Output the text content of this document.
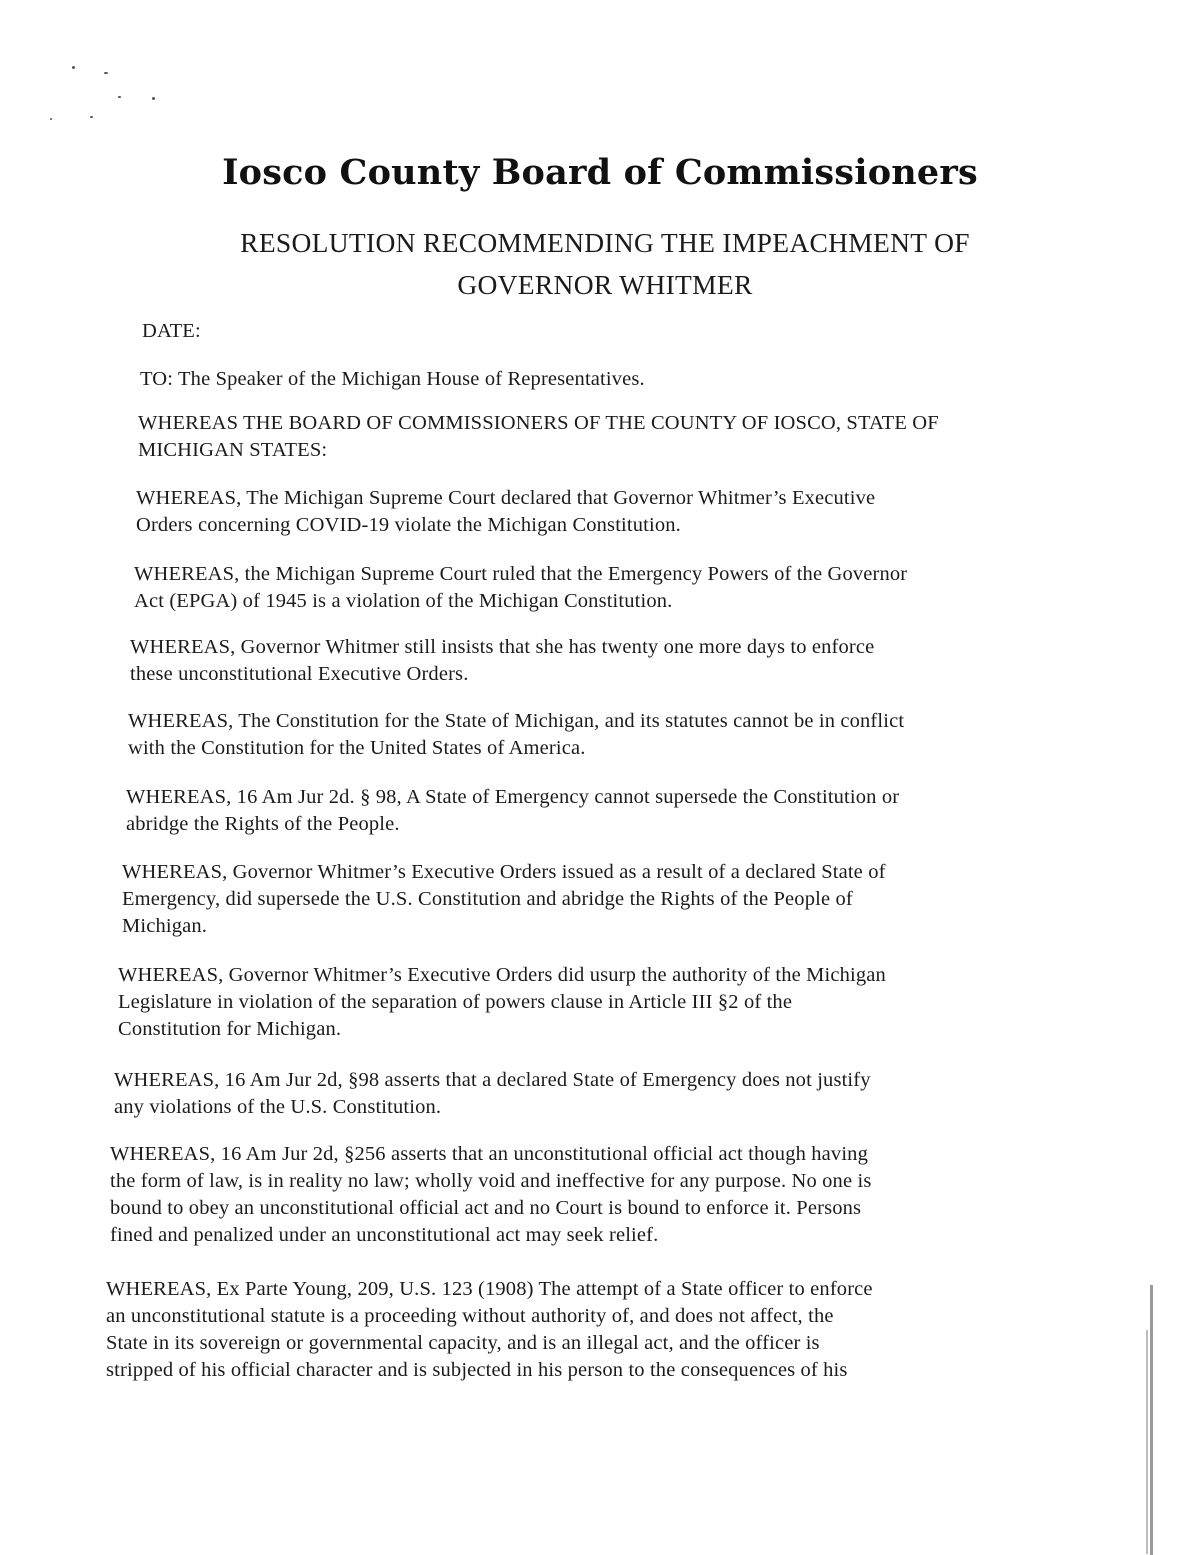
Iosco County Board of Commissioners
RESOLUTION RECOMMENDING THE IMPEACHMENT OF
GOVERNOR WHITMER
DATE:
TO: The Speaker of the Michigan House of Representatives.
WHEREAS THE BOARD OF COMMISSIONERS OF THE COUNTY OF IOSCO, STATE OF
MICHIGAN STATES:
WHEREAS, The Michigan Supreme Court declared that Governor Whitmer’s Executive
Orders concerning COVID-19 violate the Michigan Constitution.
WHEREAS, the Michigan Supreme Court ruled that the Emergency Powers of the Governor
Act (EPGA) of 1945 is a violation of the Michigan Constitution.
WHEREAS, Governor Whitmer still insists that she has twenty one more days to enforce
these unconstitutional Executive Orders.
WHEREAS, The Constitution for the State of Michigan, and its statutes cannot be in conflict
with the Constitution for the United States of America.
WHEREAS, 16 Am Jur 2d. § 98, A State of Emergency cannot supersede the Constitution or
abridge the Rights of the People.
WHEREAS, Governor Whitmer’s Executive Orders issued as a result of a declared State of
Emergency, did supersede the U.S. Constitution and abridge the Rights of the People of
Michigan.
WHEREAS, Governor Whitmer’s Executive Orders did usurp the authority of the Michigan
Legislature in violation of the separation of powers clause in Article III §2 of the
Constitution for Michigan.
WHEREAS, 16 Am Jur 2d, §98 asserts that a declared State of Emergency does not justify
any violations of the U.S. Constitution.
WHEREAS, 16 Am Jur 2d, §256 asserts that an unconstitutional official act though having
the form of law, is in reality no law; wholly void and ineffective for any purpose. No one is
bound to obey an unconstitutional official act and no Court is bound to enforce it. Persons
fined and penalized under an unconstitutional act may seek relief.
WHEREAS, Ex Parte Young, 209, U.S. 123 (1908) The attempt of a State officer to enforce
an unconstitutional statute is a proceeding without authority of, and does not affect, the
State in its sovereign or governmental capacity, and is an illegal act, and the officer is
stripped of his official character and is subjected in his person to the consequences of his
